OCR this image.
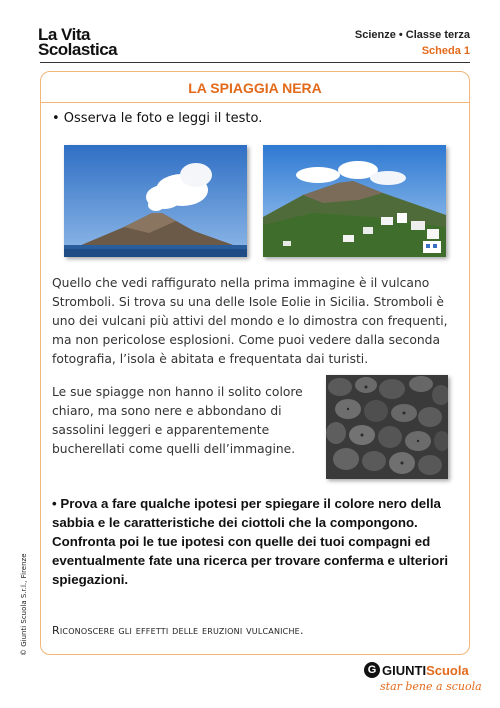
La Vita
Scolastica
Scienze • Classe terza
Scheda 1
LA SPIAGGIA NERA
• Osserva le foto e leggi il testo.
Quello che vedi raffigurato nella prima immagine è il vulcano Stromboli. Si trova su una delle Isole Eolie in Sicilia. Stromboli è uno dei vulcani più attivi del mondo e lo dimostra con frequenti, ma non pericolose esplosioni. Come puoi vedere dalla seconda fotografia, l’isola è abitata e frequentata dai turisti.
Le sue spiagge non hanno il solito colore chiaro, ma sono nere e abbondano di sassolini leggeri e apparentemente bucherellati come quelli dell’immagine.
• Prova a fare qualche ipotesi per spiegare il colore nero della sabbia e le caratteristiche dei ciottoli che la compongono.
Confronta poi le tue ipotesi con quelle dei tuoi compagni ed eventualmente fate una ricerca per trovare conferma e ulteriori spiegazioni.
Riconoscere gli effetti delle eruzioni vulcaniche.
© Giunti Scuola S.r.l., Firenze
G GIUNTI Scuola
star bene a scuola
